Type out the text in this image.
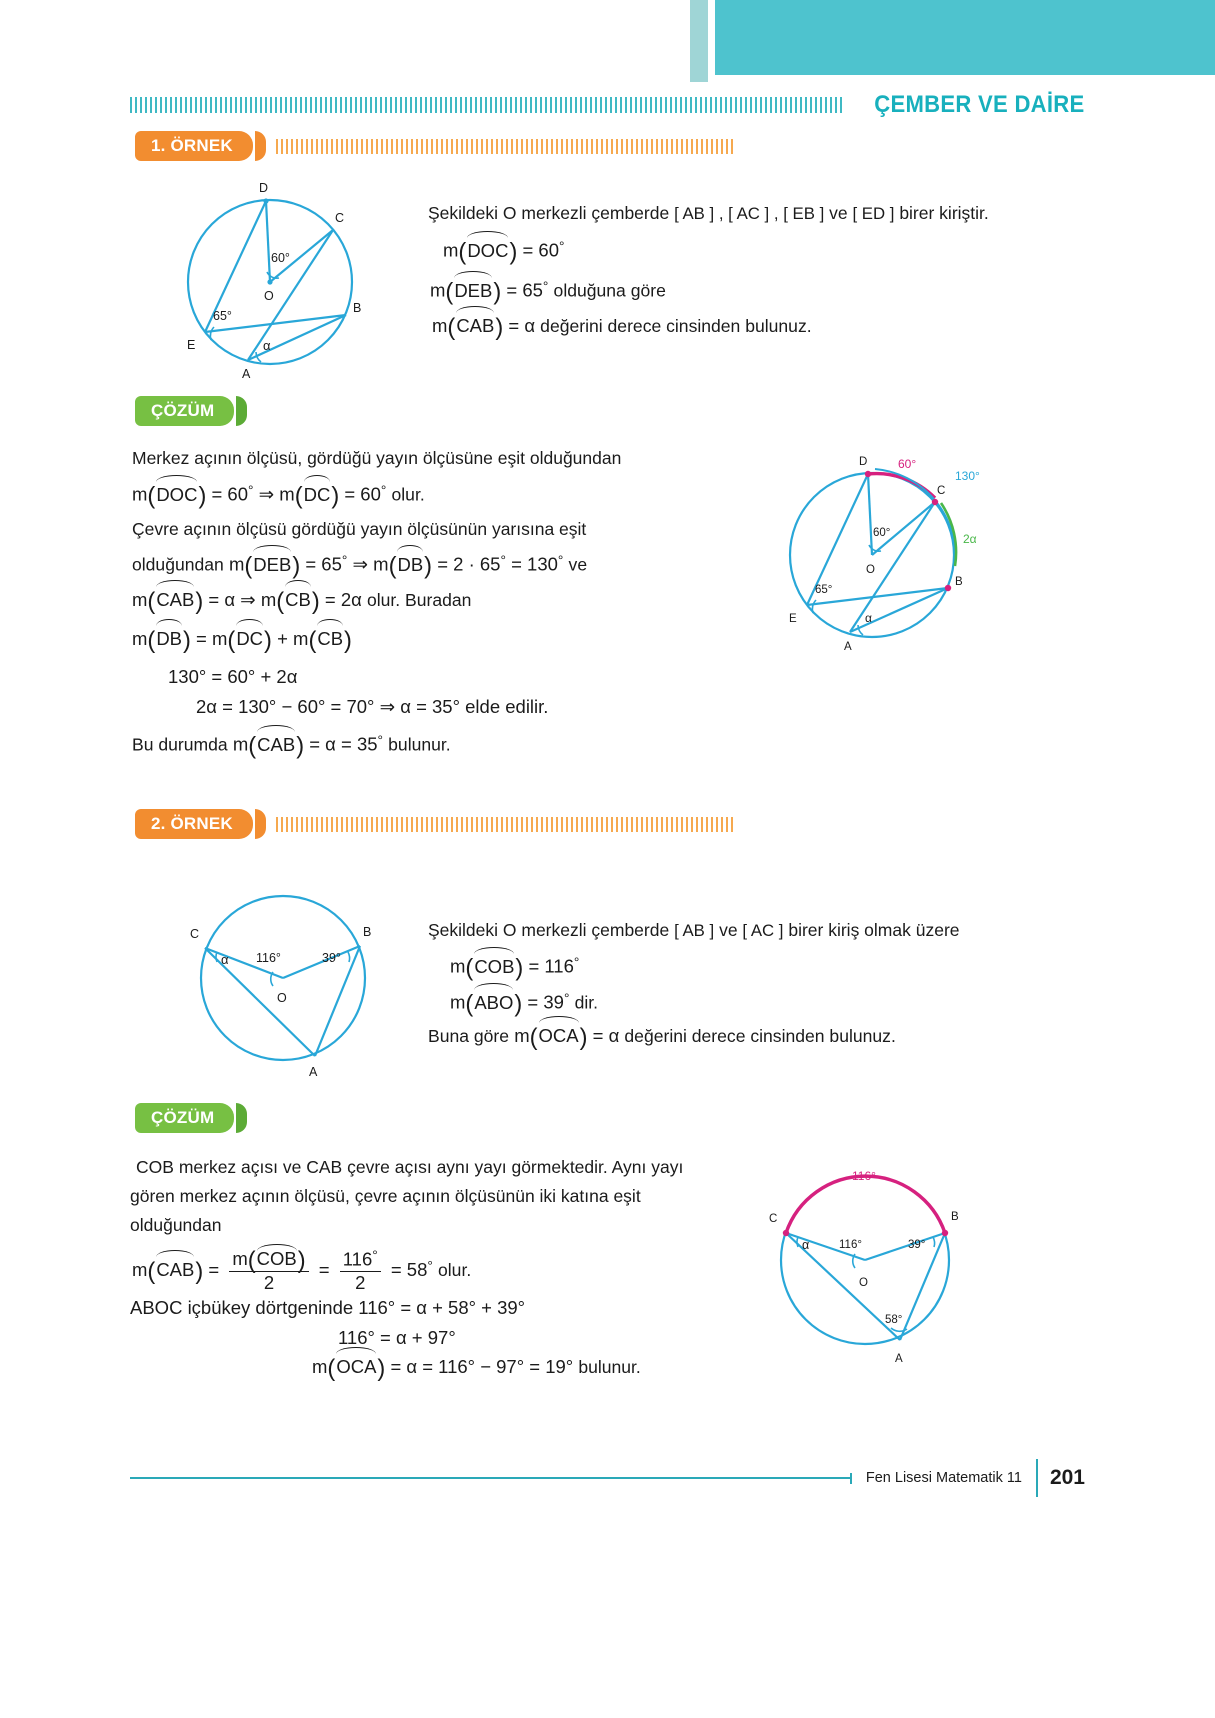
ÇEMBER VE DAİRE
1. ÖRNEK
D
C
O
E
B
A
60°
65°
α
Şekildeki O merkezli çemberde [ AB ] , [ AC ] , [ EB ] ve [ ED ] birer kiriştir.
m(
DOC) = 60°
m(
DEB) = 65° olduğuna göre
m(
CAB) = α değerini derece cinsinden bulunuz.
ÇÖZÜM
Merkez açının ölçüsü, gördüğü yayın ölçüsüne eşit olduğundan
m(
DOC) = 60° ⇒ m(
DC) = 60° olur.
Çevre açının ölçüsü gördüğü yayın ölçüsünün yarısına eşit
olduğundan m(
DEB) = 65° ⇒ m(
DB) = 2 · 65° = 130° ve
m(
CAB) = α ⇒ m(
CB) = 2α olur. Buradan
m(
DB) = m(
DC) + m(
CB)
130° = 60° + 2α
2α = 130° − 60° = 70° ⇒ α = 35° elde edilir.
Bu durumda m(
CAB) = α = 35° bulunur.
D
C
O
E
B
A
60°
130°
2α
60°
65°
α
2. ÖRNEK
C	B
O
A
α 116°	39°
Şekildeki O merkezli çemberde [ AB ] ve [ AC ] birer kiriş olmak üzere
m(
COB) = 116°
m(
ABO) = 39° dir.
Buna göre m(
OCA) = α değerini derece cinsinden bulunuz.
ÇÖZÜM
COB merkez açısı ve CAB çevre açısı aynı yayı görmektedir. Aynı yayı
gören merkez açının ölçüsü, çevre açının ölçüsünün iki katına eşit
olduğundan
m(
CAB) = m(
COB)
$2 = \frac{116^\circ}{2} = 58^\circ$ olur.
ABOC içbükey dörtgeninde 116° = α + 58° + 39°
116° = α + 97°
m(
OCA) = α = 116° − 97° = 19° bulunur.
C	B
O
A
116°
α	116°	39°
58°
Fen Lisesi Matematik 11 201
